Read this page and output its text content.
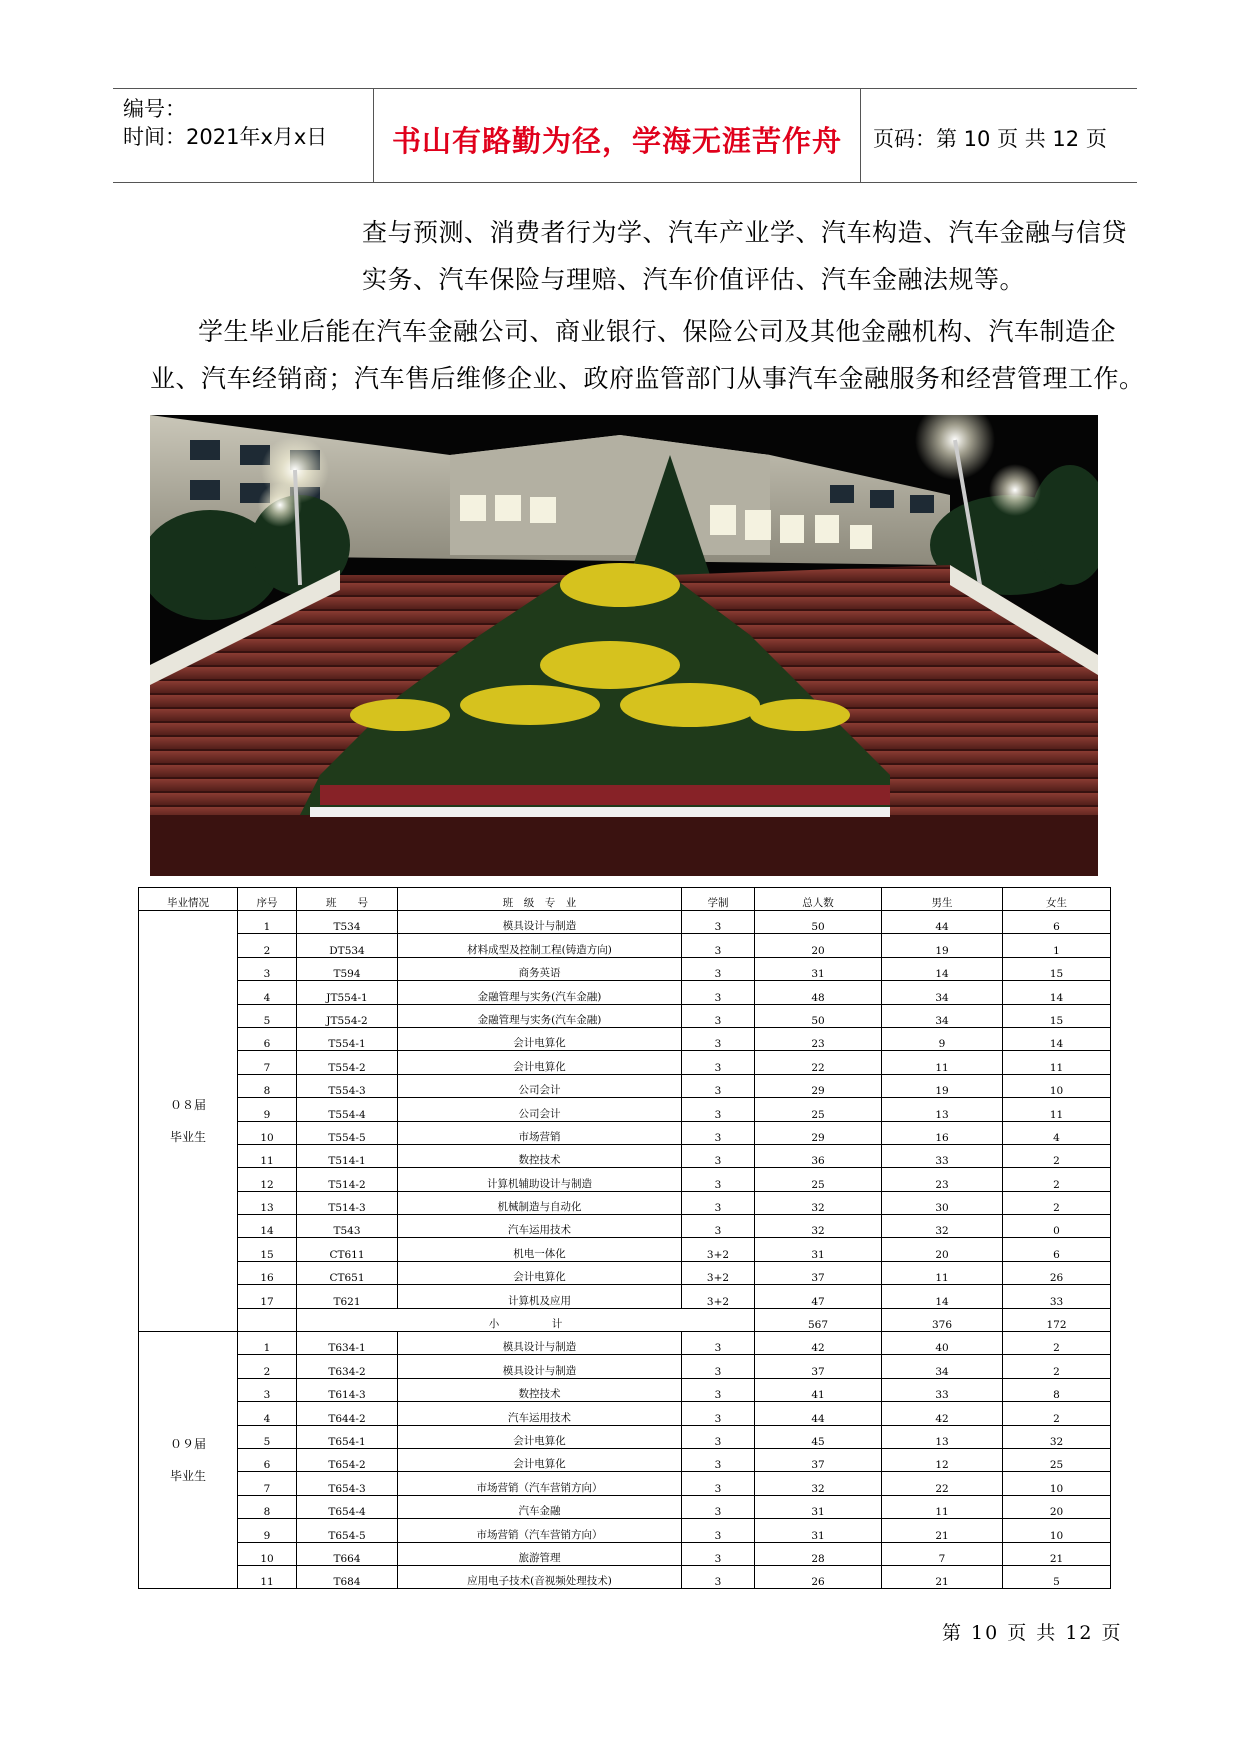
编号：
时间：2021年x月x日	书山有路勤为径，学海无涯苦作舟	页码：第 10 页 共 12 页
查与预测、消费者行为学、汽车产业学、汽车构造、汽车金融与信贷
实务、汽车保险与理赔、汽车价值评估、汽车金融法规等。
学生毕业后能在汽车金融公司、商业银行、保险公司及其他金融机构、汽车制造企
业、汽车经销商；汽车售后维修企业、政府监管部门从事汽车金融服务和经营管理工作。
毕业情况	序号	班　　号	班　级　专　业	学制	总人数	男生	女生

０８届
毕业生	1	T534	模具设计与制造	3	50	44	6
	2	DT534	材料成型及控制工程(铸造方向)	3	20	19	1
	3	T594	商务英语	3	31	14	15
	4	JT554-1	金融管理与实务(汽车金融)	3	48	34	14
	5	JT554-2	金融管理与实务(汽车金融)	3	50	34	15
	6	T554-1	会计电算化	3	23	9	14
	7	T554-2	会计电算化	3	22	11	11
	8	T554-3	公司会计	3	29	19	10
	9	T554-4	公司会计	3	25	13	11
	10	T554-5	市场营销	3	29	16	4
	11	T514-1	数控技术	3	36	33	2
	12	T514-2	计算机辅助设计与制造	3	25	23	2
	13	T514-3	机械制造与自动化	3	32	30	2
	14	T543	汽车运用技术	3	32	32	0
	15	CT611	机电一体化	3+2	31	20	6
	16	CT651	会计电算化	3+2	37	11	26
	17	T621	计算机及应用	3+2	47	14	33
		小　　　　　计			567	376	172

０９届
毕业生	1	T634-1	模具设计与制造	3	42	40	2
	2	T634-2	模具设计与制造	3	37	34	2
	3	T614-3	数控技术	3	41	33	8
	4	T644-2	汽车运用技术	3	44	42	2
	5	T654-1	会计电算化	3	45	13	32
	6	T654-2	会计电算化	3	37	12	25
	7	T654-3	市场营销（汽车营销方向）	3	32	22	10
	8	T654-4	汽车金融	3	31	11	20
	9	T654-5	市场营销（汽车营销方向）	3	31	21	10
	10	T664	旅游管理	3	28	7	21
	11	T684	应用电子技术(音视频处理技术)	3	26	21	5
第 10 页 共 12 页
